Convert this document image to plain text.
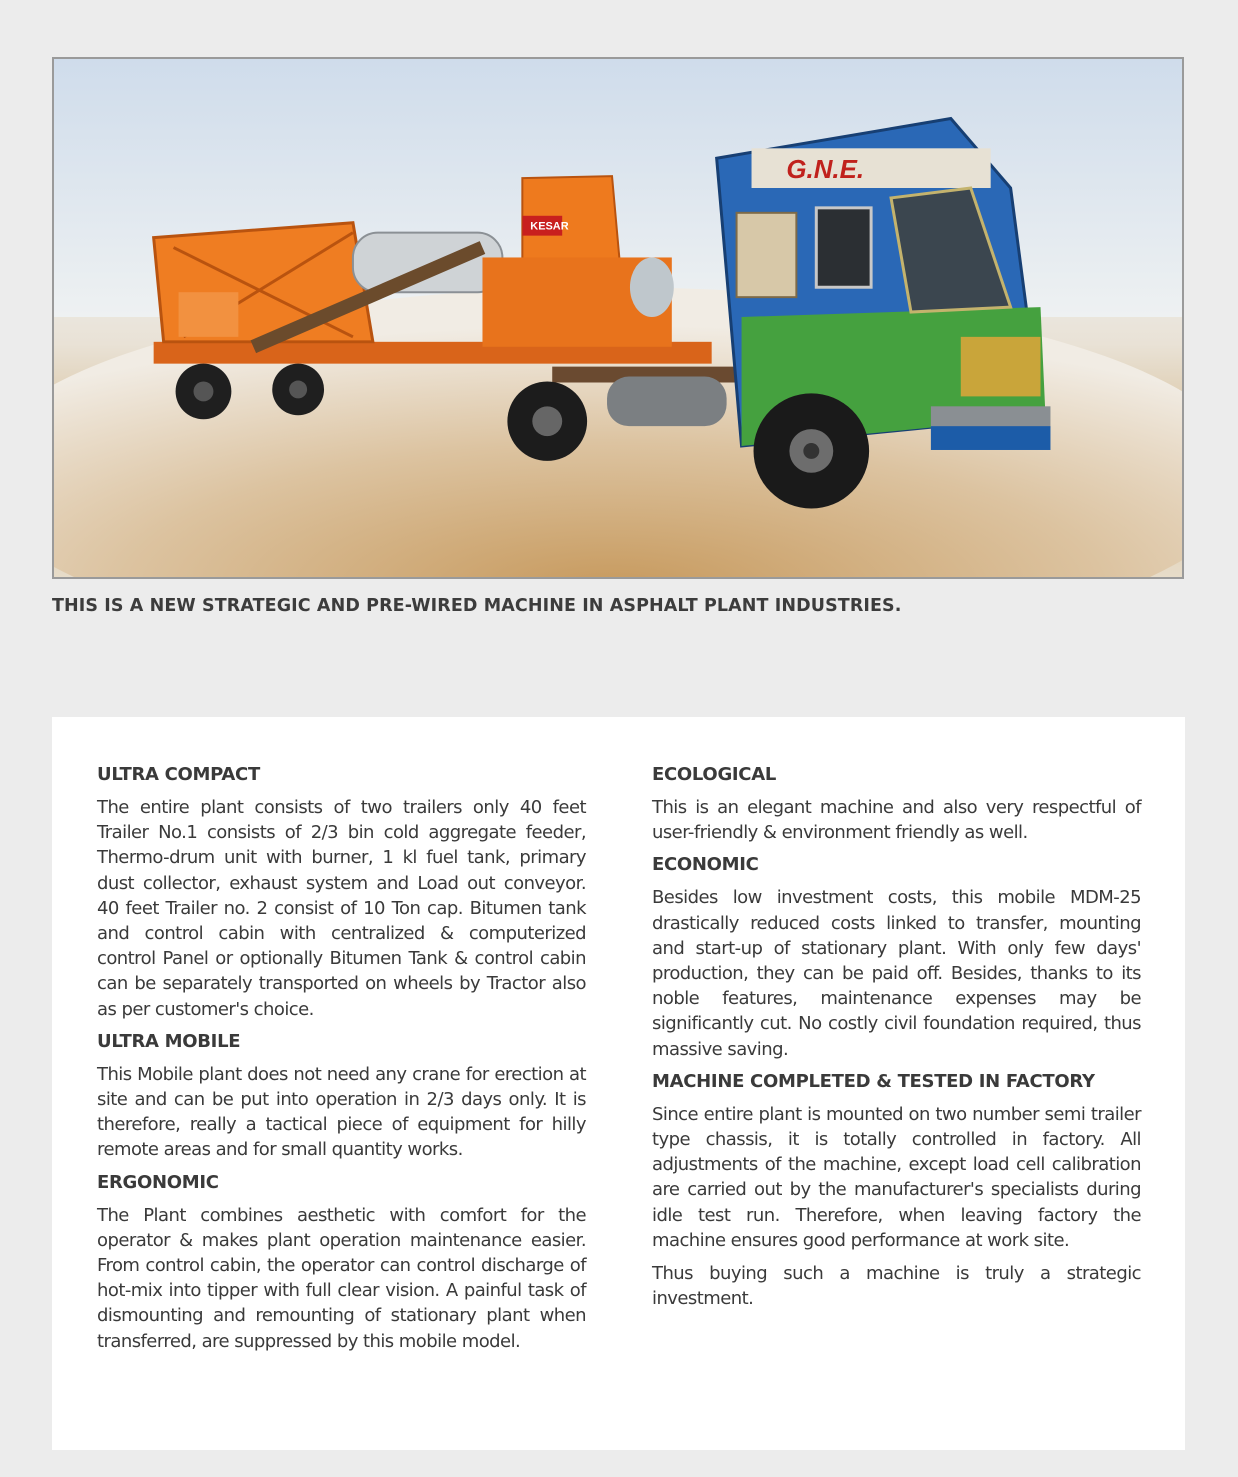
KESAR
G.N.E.
THIS IS A NEW STRATEGIC AND PRE-WIRED MACHINE IN ASPHALT PLANT INDUSTRIES.
ULTRA COMPACT

The entire plant consists of two trailers only 40 feet Trailer No.1 consists of 2/3 bin cold aggregate feeder, Thermo-drum unit with burner, 1 kl fuel tank, primary dust collector, exhaust system and Load out conveyor. 40 feet Trailer no. 2 consist of 10 Ton cap. Bitumen tank and control cabin with centralized & computerized control Panel or optionally Bitumen Tank & control cabin can be separately transported on wheels by Tractor also as per customer's choice.

ULTRA MOBILE

This Mobile plant does not need any crane for erection at site and can be put into operation in 2/3 days only. It is therefore, really a tactical piece of equipment for hilly remote areas and for small quantity works.

ERGONOMIC

The Plant combines aesthetic with comfort for the operator & makes plant operation maintenance easier. From control cabin, the operator can control discharge of hot-mix into tipper with full clear vision. A painful task of dismounting and remounting of stationary plant when transferred, are suppressed by this mobile model.

ECOLOGICAL

This is an elegant machine and also very respectful of user-friendly & environment friendly as well.

ECONOMIC

Besides low investment costs, this mobile MDM-25 drastically reduced costs linked to transfer, mounting and start-up of stationary plant. With only few days' production, they can be paid off. Besides, thanks to its noble features, maintenance expenses may be significantly cut. No costly civil foundation required, thus massive saving.

MACHINE COMPLETED & TESTED IN FACTORY

Since entire plant is mounted on two number semi trailer type chassis, it is totally controlled in factory. All adjustments of the machine, except load cell calibration are carried out by the manufacturer's specialists during idle test run. Therefore, when leaving factory the machine ensures good performance at work site.

Thus buying such a machine is truly a strategic investment.
